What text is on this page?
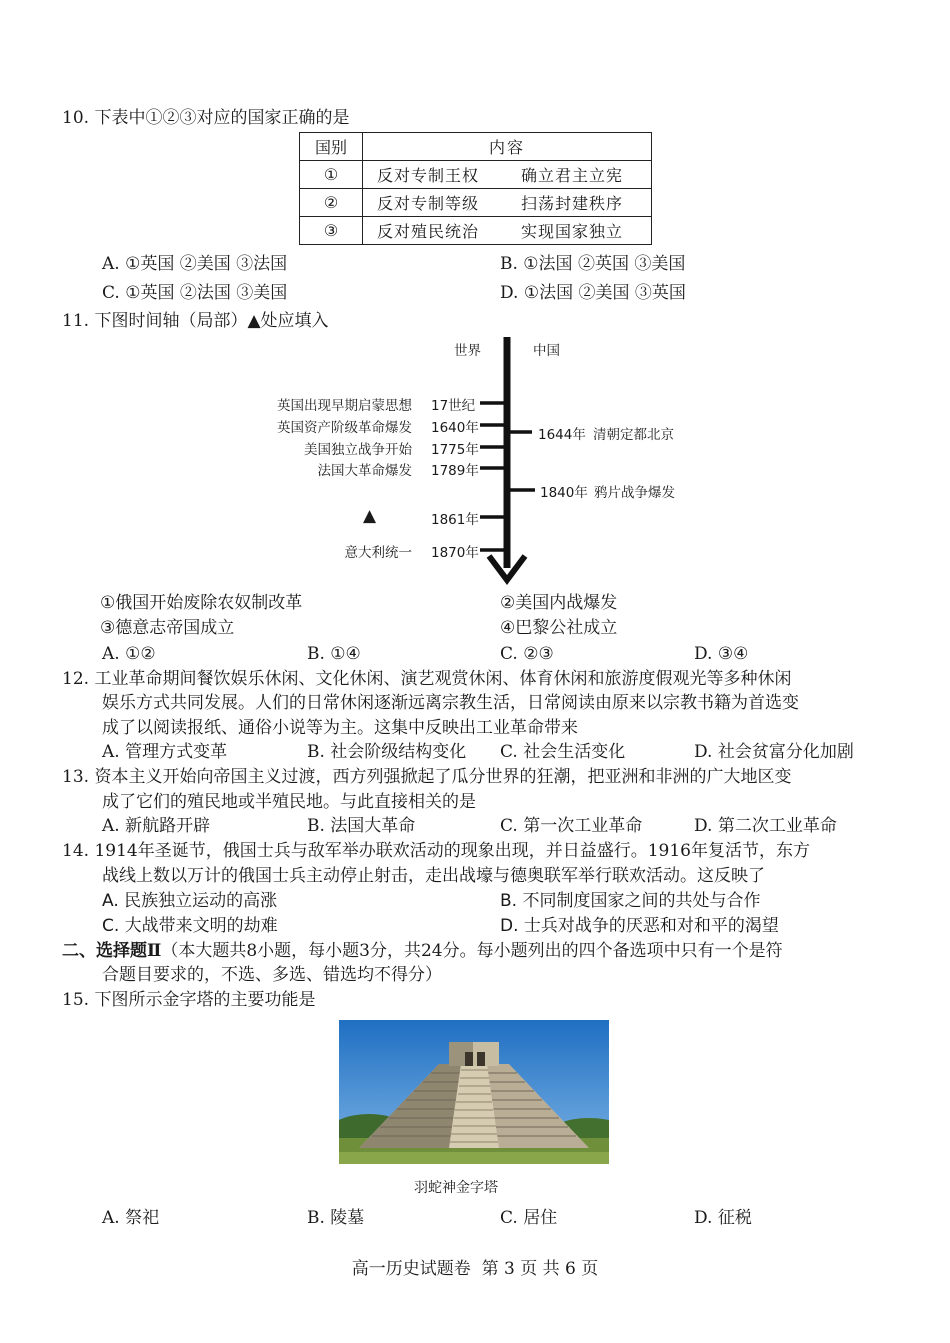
10. 下表中①②③对应的国家正确的是
国别	内容
①	反对专制王权 确立君主立宪
②	反对专制等级 扫荡封建秩序
③	反对殖民统治 实现国家独立
A. ①英国 ②美国 ③法国	B. ①法国 ②英国 ③美国
C. ①英国 ②法国 ③美国	D. ①法国 ②美国 ③英国
11. 下图时间轴（局部）▲处应填入
世界	中国
英国出现早期启蒙思想 17世纪
英国资产阶级革命爆发 1640年
美国独立战争开始 1775年
法国大革命爆发 1789年
▲	1861年
意大利统一 1870年
1644年 清朝定都北京
1840年 鸦片战争爆发
①俄国开始废除农奴制改革	②美国内战爆发
③德意志帝国成立	④巴黎公社成立
A. ①②	B. ①④	C. ②③	D. ③④
12. 工业革命期间餐饮娱乐休闲、文化休闲、演艺观赏休闲、体育休闲和旅游度假观光等多种休闲
娱乐方式共同发展。人们的日常休闲逐渐远离宗教生活，日常阅读由原来以宗教书籍为首选变
成了以阅读报纸、通俗小说等为主。这集中反映出工业革命带来
A. 管理方式变革	B. 社会阶级结构变化 C. 社会生活变化	D. 社会贫富分化加剧
13. 资本主义开始向帝国主义过渡，西方列强掀起了瓜分世界的狂潮，把亚洲和非洲的广大地区变
成了它们的殖民地或半殖民地。与此直接相关的是
A. 新航路开辟	B. 法国大革命	C. 第一次工业革命	D. 第二次工业革命
14. 1914年圣诞节，俄国士兵与敌军举办联欢活动的现象出现，并日益盛行。1916年复活节，东方
战线上数以万计的俄国士兵主动停止射击，走出战壕与德奥联军举行联欢活动。这反映了
A. 民族独立运动的高涨	B. 不同制度国家之间的共处与合作
C. 大战带来文明的劫难	D. 士兵对战争的厌恶和对和平的渴望
二、选择题Ⅱ（本大题共8小题，每小题3分，共24分。每小题列出的四个备选项中只有一个是符
合题目要求的，不选、多选、错选均不得分）
15. 下图所示金字塔的主要功能是
羽蛇神金字塔
A. 祭祀	B. 陵墓	C. 居住	D. 征税
高一历史试题卷  第 3 页 共 6 页
